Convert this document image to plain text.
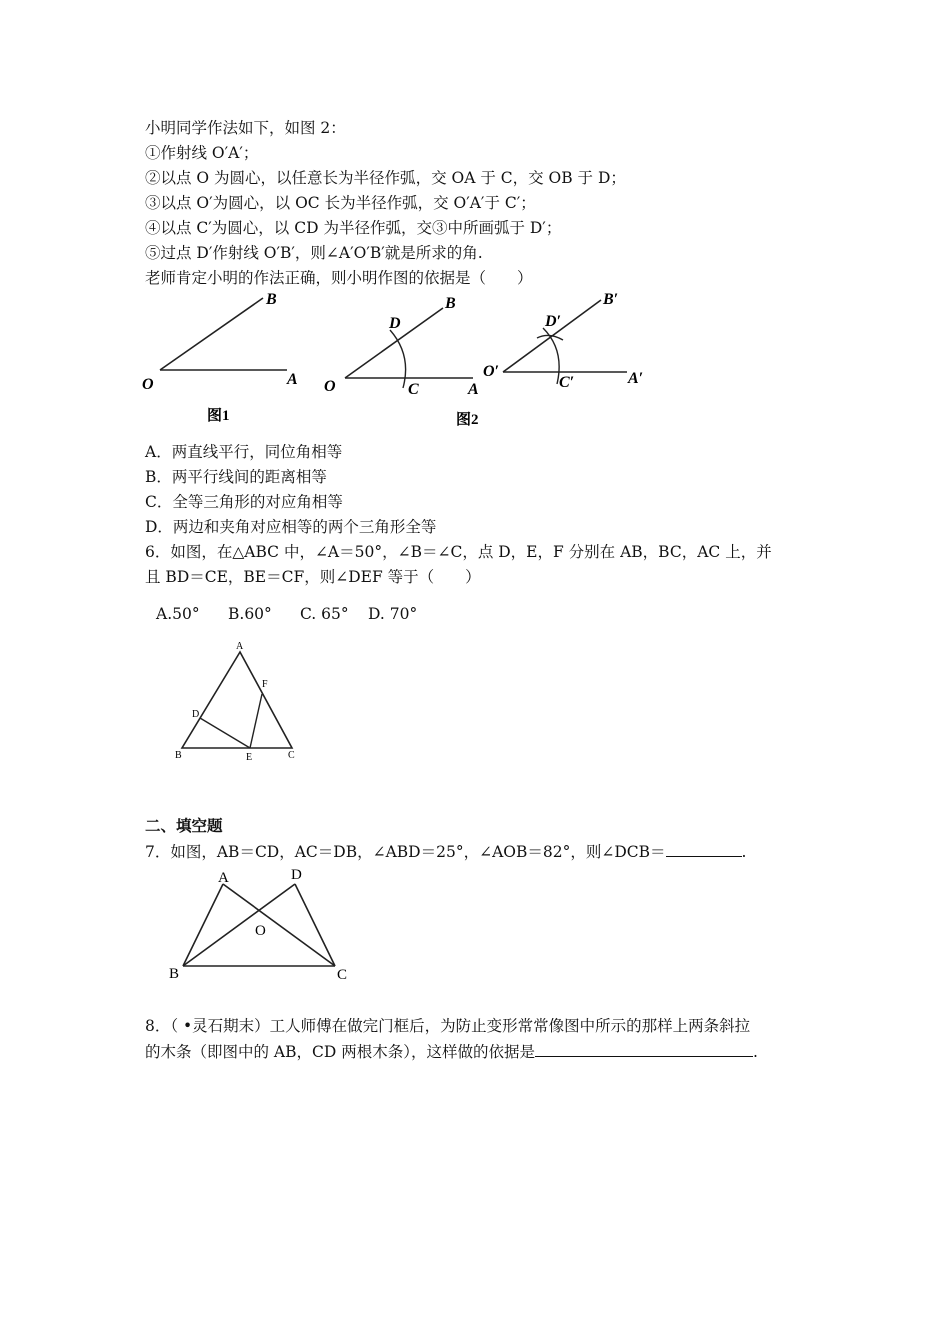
小明同学作法如下，如图 2：
①作射线 O′A′；
②以点 O 为圆心，以任意长为半径作弧，交 OA 于 C，交 OB 于 D；
③以点 O′为圆心，以 OC 长为半径作弧，交 O′A′于 C′；
④以点 C′为圆心，以 CD 为半径作弧，交③中所画弧于 D′；
⑤过点 D′作射线 O′B′，则∠A′O′B′就是所求的角.
老师肯定小明的作法正确，则小明作图的依据是（　　）
B
O	A
图1
B
D
O	C	A
B′
D′
O′
C′	A′
图2
A．两直线平行，同位角相等
B．两平行线间的距离相等
C．全等三角形的对应角相等
D．两边和夹角对应相等的两个三角形全等
6．如图，在△ABC 中，∠A＝50°，∠B＝∠C，点 D，E，F 分别在 AB，BC，AC 上，并
且 BD＝CE，BE＝CF，则∠DEF 等于（　　）
A.50° B.60° C. 65° D. 70°
A
F
D
B	E	C
二、填空题
7．如图，AB＝CD，AC＝DB，∠ABD＝25°，∠AOB＝82°，则∠DCB＝	.
A	D
O
B	C
8．（ •灵石期末）工人师傅在做完门框后，为防止变形常常像图中所示的那样上两条斜拉
的木条（即图中的 AB，CD 两根木条），这样做的依据是	.
